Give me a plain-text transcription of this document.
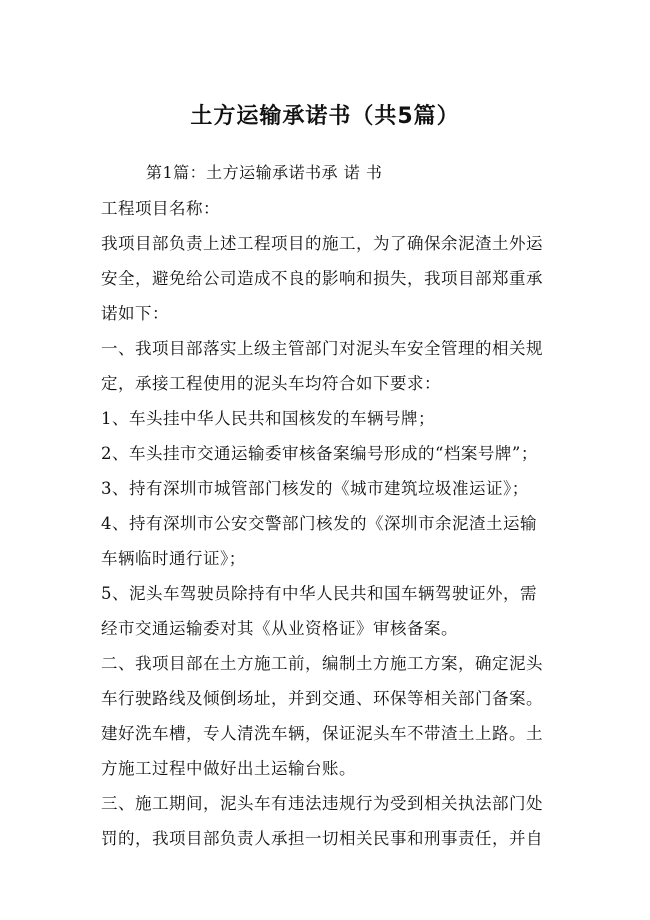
土方运输承诺书（共5篇）
第1篇：土方运输承诺书承 诺 书
工程项目名称：
我项目部负责上述工程项目的施工，为了确保余泥渣土外运
安全，避免给公司造成不良的影响和损失，我项目部郑重承
诺如下：
一、我项目部落实上级主管部门对泥头车安全管理的相关规
定，承接工程使用的泥头车均符合如下要求：
1、车头挂中华人民共和国核发的车辆号牌；
2、车头挂市交通运输委审核备案编号形成的“档案号牌”；
3、持有深圳市城管部门核发的《城市建筑垃圾准运证》；
4、持有深圳市公安交警部门核发的《深圳市余泥渣土运输
车辆临时通行证》；
5、泥头车驾驶员除持有中华人民共和国车辆驾驶证外，需
经市交通运输委对其《从业资格证》审核备案。
二、我项目部在土方施工前，编制土方施工方案，确定泥头
车行驶路线及倾倒场址，并到交通、环保等相关部门备案。
建好洗车槽，专人清洗车辆，保证泥头车不带渣土上路。土
方施工过程中做好出土运输台账。
三、施工期间，泥头车有违法违规行为受到相关执法部门处
罚的，我项目部负责人承担一切相关民事和刑事责任，并自
